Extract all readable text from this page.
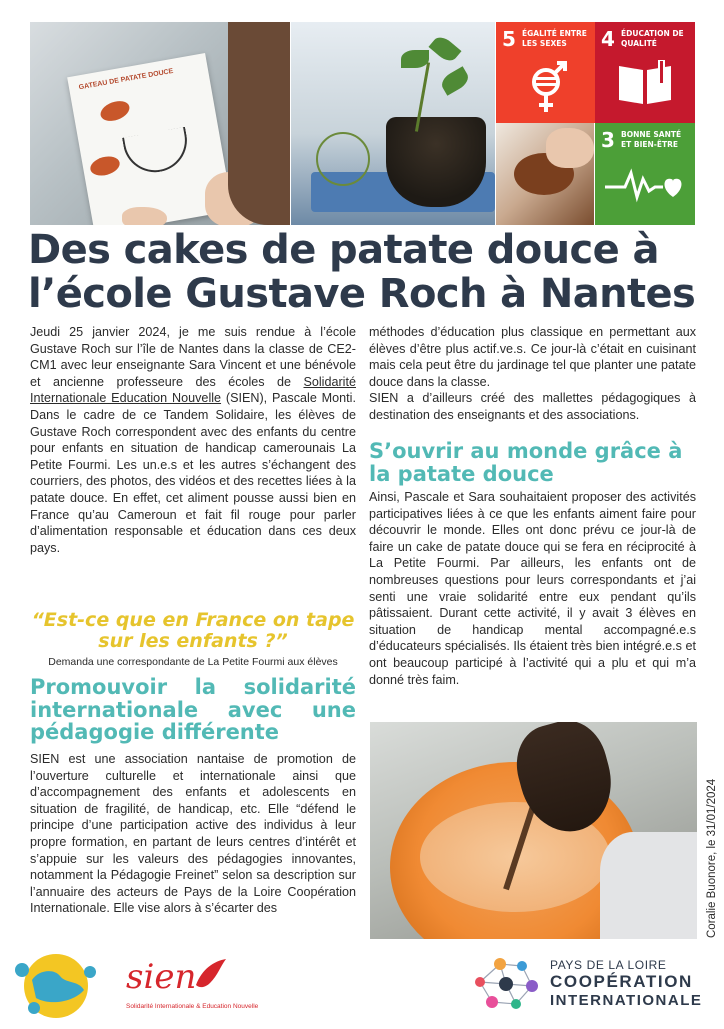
GATEAU DE PATATE DOUCE
5 ÉGALITÉ ENTRE LES SEXES	4 ÉDUCATION DE QUALITÉ
3 BONNE SANTÉ ET BIEN-ÊTRE
Des cakes de patate douce à l’école Gustave Roch à Nantes

Jeudi 25 janvier 2024, je me suis rendue à l’école Gustave Roch sur l’île de Nantes dans la classe de CE2-CM1 avec leur enseignante Sara Vincent et une bénévole et ancienne professeure des écoles de Solidarité Internationale Education Nouvelle (SIEN), Pascale Monti. Dans le cadre de ce Tandem Solidaire, les élèves de Gustave Roch correspondent avec des enfants du centre pour enfants en situation de handicap camerounais La Petite Fourmi. Les un.e.s et les autres s’échangent des courriers, des photos, des vidéos et des recettes liées à la patate douce. En effet, cet aliment pousse aussi bien en France qu’au Cameroun et fait fil rouge pour parler d’alimentation responsable et éducation dans ces deux pays.

“Est-ce que en France on tape sur les enfants ?”
Demanda une correspondante de La Petite Fourmi aux élèves
Promouvoir la solidarité internationale avec une pédagogie différente

SIEN est une association nantaise de promotion de l’ouverture culturelle et internationale ainsi que d’accompagnement des enfants et adolescents en situation de fragilité, de handicap, etc. Elle “défend le principe d’une participation active des individus à leur propre formation, en partant de leurs centres d’intérêt et s’appuie sur les valeurs des pédagogies innovantes, notamment la Pédagogie Freinet” selon sa description sur l’annuaire des acteurs de Pays de la Loire Coopération Internationale. Elle vise alors à s’écarter des

méthodes d’éducation plus classique en permettant aux élèves d’être plus actif.ve.s. Ce jour-là c’était en cuisinant mais cela peut être du jardinage tel que planter une patate douce dans la classe.

SIEN a d’ailleurs créé des mallettes pédagogiques à destination des enseignants et des associations.

S’ouvrir au monde grâce à la patate douce

Ainsi, Pascale et Sara souhaitaient proposer des activités participatives liées à ce que les enfants aiment faire pour découvrir le monde. Elles ont donc prévu ce jour-là de faire un cake de patate douce qui se fera en réciprocité à La Petite Fourmi. Par ailleurs, les enfants ont de nombreuses questions pour leurs correspondants et j’ai senti une vraie solidarité entre eux pendant qu’ils pâtissaient. Durant cette activité, il y avait 3 élèves en situation de handicap mental accompagné.e.s d’éducateurs spécialisés. Ils étaient très bien intégré.e.s et ont beaucoup participé à l’activité qui a plu et qui m’a donné très faim.

Coralie Buonore, le 31/01/2024
sien
Solidarité Internationale & Education Nouvelle
PAYS DE LA LOIRE
COOPÉRATION
INTERNATIONALE
